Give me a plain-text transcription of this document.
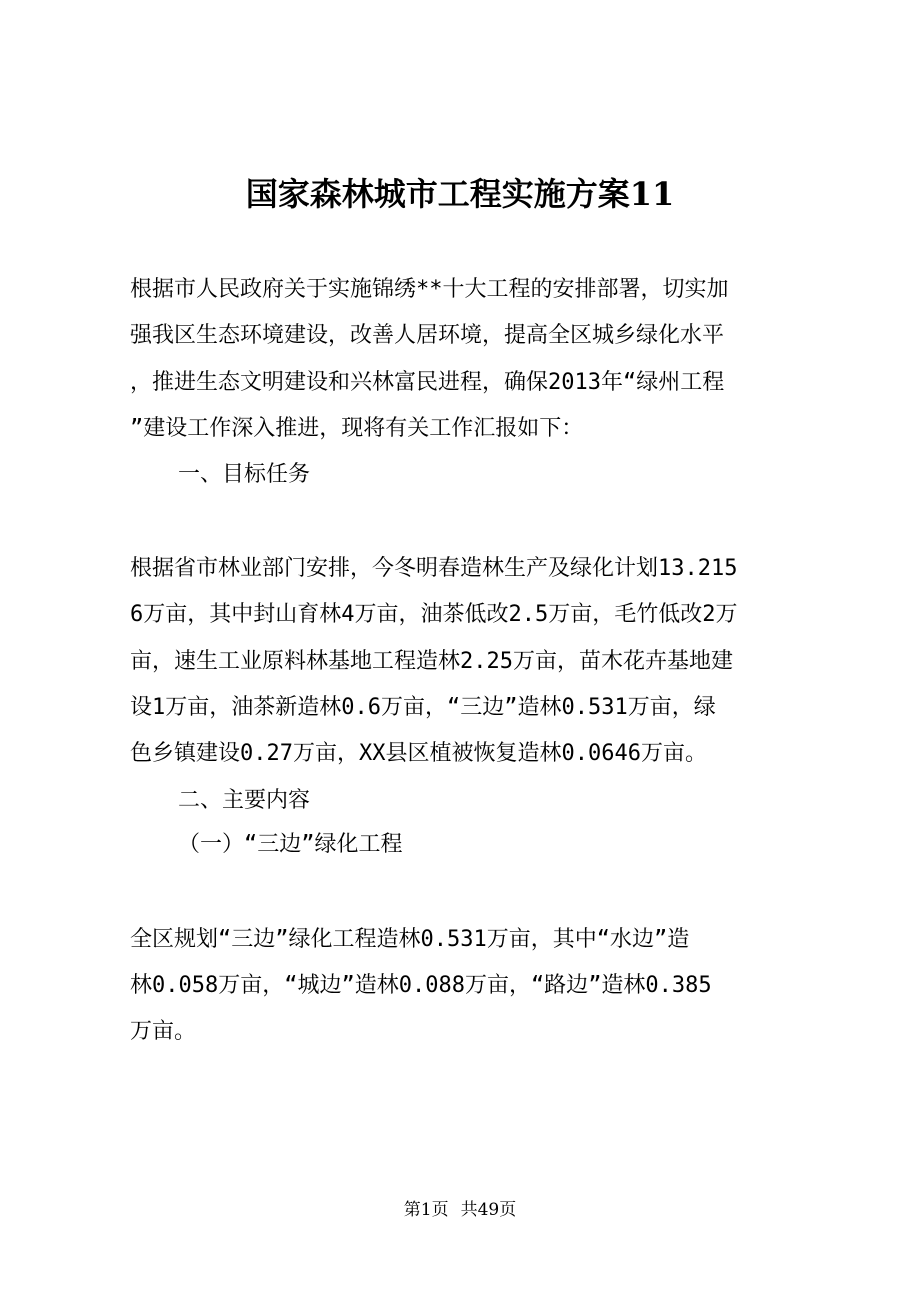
国家森林城市工程实施方案11
根据市人民政府关于实施锦绣**十大工程的安排部署，切实加
强我区生态环境建设，改善人居环境，提高全区城乡绿化水平
，推进生态文明建设和兴林富民进程，确保2013年“绿州工程
”建设工作深入推进，现将有关工作汇报如下：
一、目标任务
根据省市林业部门安排，今冬明春造林生产及绿化计划13.215
6万亩，其中封山育林4万亩，油茶低改2.5万亩，毛竹低改2万
亩，速生工业原料林基地工程造林2.25万亩，苗木花卉基地建
设1万亩，油茶新造林0.6万亩，“三边”造林0.531万亩，绿
色乡镇建设0.27万亩，XX县区植被恢复造林0.0646万亩。
二、主要内容
（一）“三边”绿化工程
全区规划“三边”绿化工程造林0.531万亩，其中“水边”造
林0.058万亩，“城边”造林0.088万亩，“路边”造林0.385
万亩。
第1页 共49页
